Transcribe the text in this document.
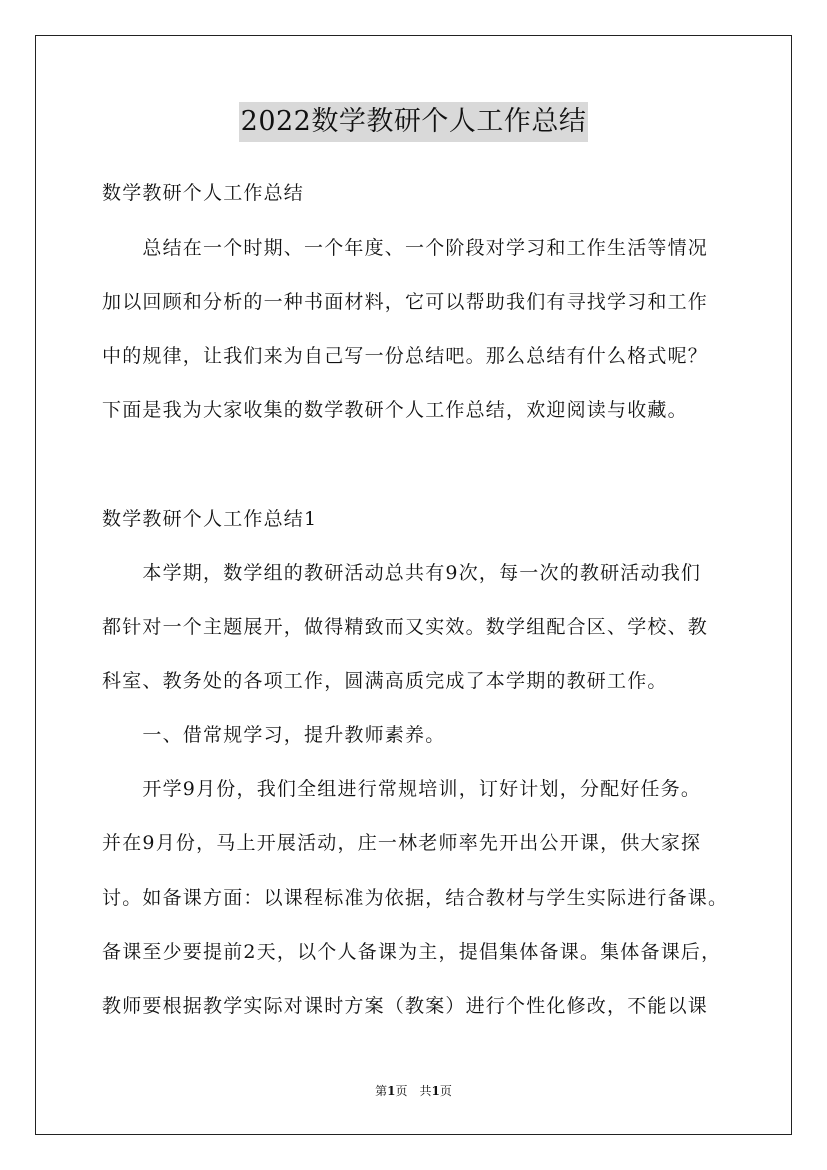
2022数学教研个人工作总结
数学教研个人工作总结
　　总结在一个时期、一个年度、一个阶段对学习和工作生活等情况
加以回顾和分析的一种书面材料，它可以帮助我们有寻找学习和工作
中的规律，让我们来为自己写一份总结吧。那么总结有什么格式呢？
下面是我为大家收集的数学教研个人工作总结，欢迎阅读与收藏。
数学教研个人工作总结1
　　本学期，数学组的教研活动总共有9次，每一次的教研活动我们
都针对一个主题展开，做得精致而又实效。数学组配合区、学校、教
科室、教务处的各项工作，圆满高质完成了本学期的教研工作。
　　一、借常规学习，提升教师素养。
　　开学9月份，我们全组进行常规培训，订好计划，分配好任务。
并在9月份，马上开展活动，庄一林老师率先开出公开课，供大家探
讨。如备课方面：以课程标准为依据，结合教材与学生实际进行备课。
备课至少要提前2天，以个人备课为主，提倡集体备课。集体备课后，
教师要根据教学实际对课时方案（教案）进行个性化修改，不能以课
第1页　共1页
